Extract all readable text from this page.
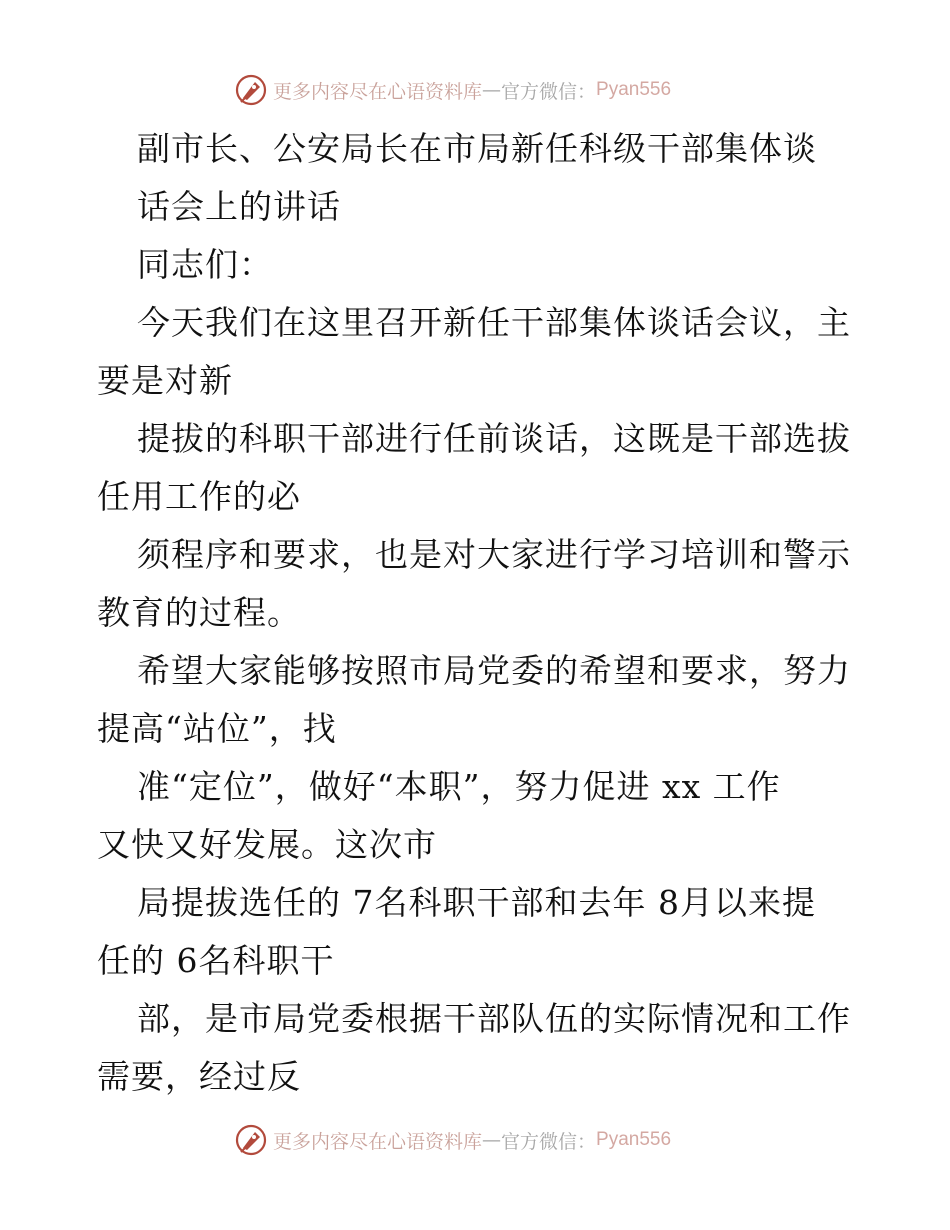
更多内容尽在心语资料库 — 官方微信： Pyan556

副市长、公安局长在市局新任科级干部集体谈

话会上的讲话

同志们：

今天我们在这里召开新任干部集体谈话会议，主

要是对新

提拔的科职干部进行任前谈话，这既是干部选拔

任用工作的必

须程序和要求，也是对大家进行学习培训和警示

教育的过程。

希望大家能够按照市局党委的希望和要求，努力

提高“站位”，找

准“定位”，做好“本职”，努力促进 xx 工作

又快又好发展。这次市

局提拔选任的 7名科职干部和去年 8月以来提

任的 6名科职干

部，是市局党委根据干部队伍的实际情况和工作

需要，经过反

更多内容尽在心语资料库 — 官方微信： Pyan556
